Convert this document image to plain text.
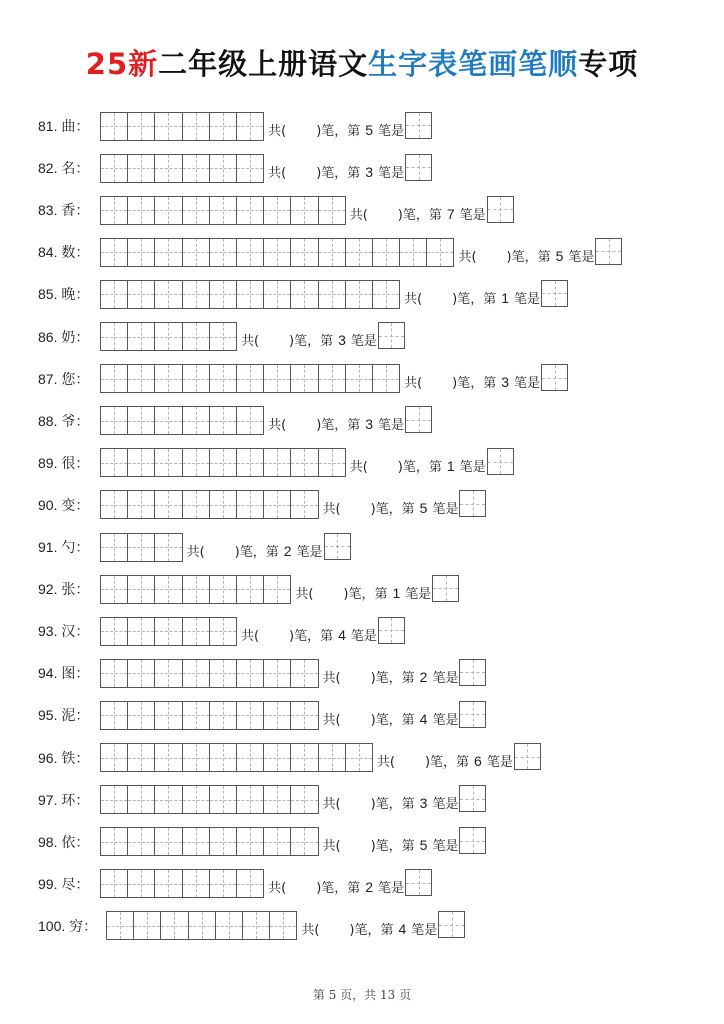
25新二年级上册语文生字表笔画笔顺专项
81. 曲：	共( )笔，第 5 笔是
82. 名：	共( )笔，第 3 笔是
83. 香：	共( )笔，第 7 笔是
84. 数：	共( )笔，第 5 笔是
85. 晚：	共( )笔，第 1 笔是
86. 奶：	共( )笔，第 3 笔是
87. 您：	共( )笔，第 3 笔是
88. 爷：	共( )笔，第 3 笔是
89. 很：	共( )笔，第 1 笔是
90. 变：	共( )笔，第 5 笔是
91. 勺：	共( )笔，第 2 笔是
92. 张：	共( )笔，第 1 笔是
93. 汉：	共( )笔，第 4 笔是
94. 图：	共( )笔，第 2 笔是
95. 泥：	共( )笔，第 4 笔是
96. 铁：	共( )笔，第 6 笔是
97. 环：	共( )笔，第 3 笔是
98. 依：	共( )笔，第 5 笔是
99. 尽：	共( )笔，第 2 笔是
100. 穷：	共( )笔，第 4 笔是
第 5 页，共 13 页
